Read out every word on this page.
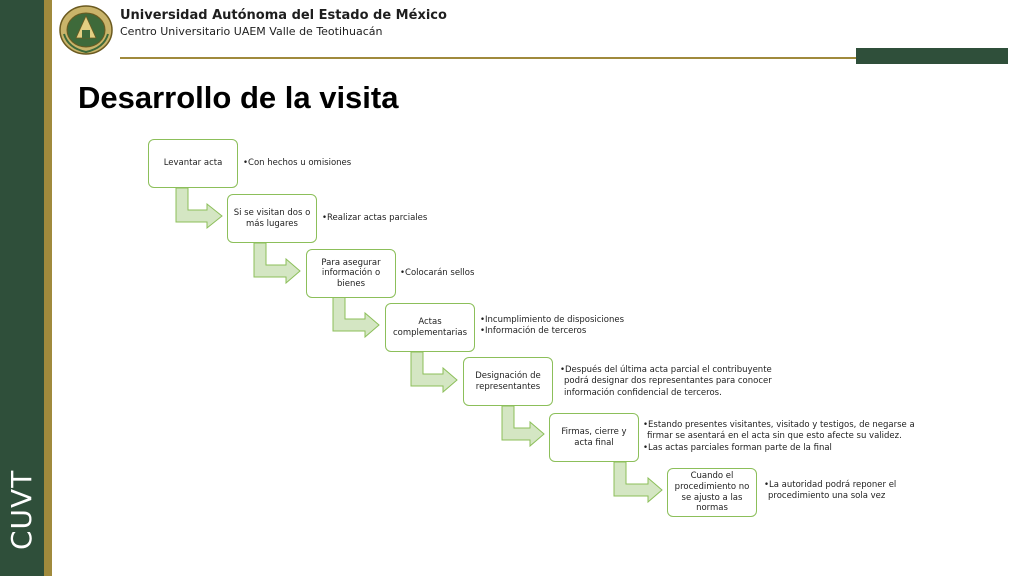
CUVT
Universidad Autónoma del Estado de México
Centro Universitario UAEM Valle de Teotihuacán
Desarrollo de la visita
Levantar acta	•Con hechos u omisiones
Si se visitan dos o más lugares
•Realizar actas parciales
Para asegurar información o bienes
•Colocarán sellos
Actas complementarias
•Incumplimiento de disposiciones
•Información de terceros
Designación de representantes
•Después del última acta parcial el contribuyente podrá designar dos representantes para conocer información confidencial de terceros.
Firmas, cierre y acta final
•Estando presentes visitantes, visitado y testigos, de negarse a firmar se asentará en el acta sin que esto afecte su validez.
•Las actas parciales forman parte de la final
Cuando el procedimiento no se ajusto a las normas
•La autoridad podrá reponer el procedimiento una sola vez
